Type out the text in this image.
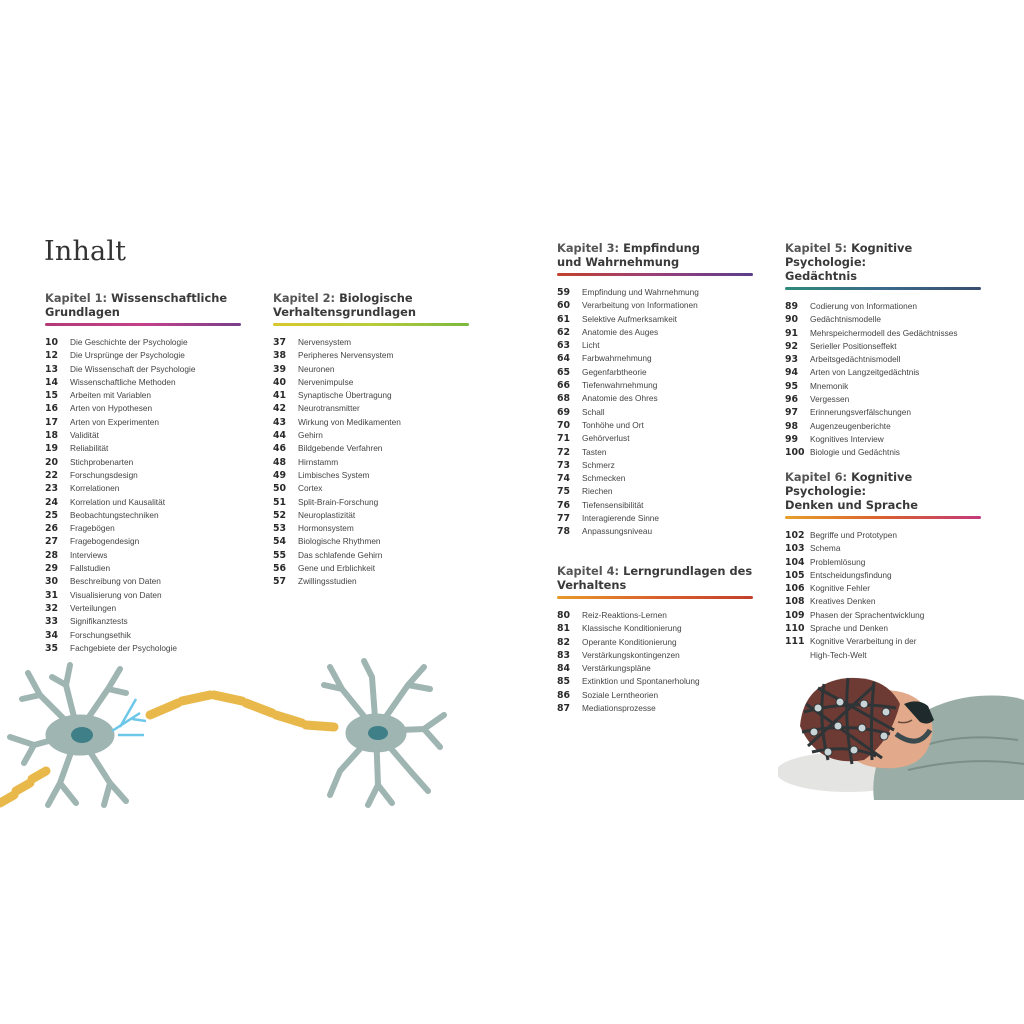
Inhalt
Kapitel 1: Wissenschaftliche
Grundlagen
10	Die Geschichte der Psychologie
12	Die Ursprünge der Psychologie
13	Die Wissenschaft der Psychologie
14	Wissenschaftliche Methoden
15	Arbeiten mit Variablen
16	Arten von Hypothesen
17	Arten von Experimenten
18	Validität
19	Reliabilität
20	Stichprobenarten
22	Forschungsdesign
23	Korrelationen
24	Korrelation und Kausalität
25	Beobachtungstechniken
26	Fragebögen
27	Fragebogendesign
28	Interviews
29	Fallstudien
30	Beschreibung von Daten
31	Visualisierung von Daten
32	Verteilungen
33	Signifikanztests
34	Forschungsethik
35	Fachgebiete der Psychologie
Kapitel 2: Biologische
Verhaltensgrundlagen
37	Nervensystem
38	Peripheres Nervensystem
39	Neuronen
40	Nervenimpulse
41	Synaptische Übertragung
42	Neurotransmitter
43	Wirkung von Medikamenten
44	Gehirn
46	Bildgebende Verfahren
48	Hirnstamm
49	Limbisches System
50	Cortex
51	Split-Brain-Forschung
52	Neuroplastizität
53	Hormonsystem
54	Biologische Rhythmen
55	Das schlafende Gehirn
56	Gene und Erblichkeit
57	Zwillingsstudien
Kapitel 3: Empfindung
und Wahrnehmung
59	Empfindung und Wahrnehmung
60	Verarbeitung von Informationen
61	Selektive Aufmerksamkeit
62	Anatomie des Auges
63	Licht
64	Farbwahrnehmung
65	Gegenfarbtheorie
66	Tiefenwahrnehmung
68	Anatomie des Ohres
69	Schall
70	Tonhöhe und Ort
71	Gehörverlust
72	Tasten
73	Schmerz
74	Schmecken
75	Riechen
76	Tiefensensibilität
77	Interagierende Sinne
78	Anpassungsniveau
Kapitel 4: Lerngrundlagen des
Verhaltens
80	Reiz-Reaktions-Lernen
81	Klassische Konditionierung
82	Operante Konditionierung
83	Verstärkungskontingenzen
84	Verstärkungspläne
85	Extinktion und Spontanerholung
86	Soziale Lerntheorien
87	Mediationsprozesse
Kapitel 5: Kognitive Psychologie:
Gedächtnis
89	Codierung von Informationen
90	Gedächtnismodelle
91	Mehrspeichermodell des Gedächtnisses
92	Serieller Positionseffekt
93	Arbeitsgedächtnismodell
94	Arten von Langzeitgedächtnis
95	Mnemonik
96	Vergessen
97	Erinnerungsverfälschungen
98	Augenzeugenberichte
99	Kognitives Interview
100 Biologie und Gedächtnis
Kapitel 6: Kognitive Psychologie:
Denken und Sprache
102 Begriffe und Prototypen
103 Schema
104 Problemlösung
105 Entscheidungsfindung
106 Kognitive Fehler
108 Kreatives Denken
109 Phasen der Sprachentwicklung
110 Sprache und Denken
111 Kognitive Verarbeitung in der
High-Tech-Welt
